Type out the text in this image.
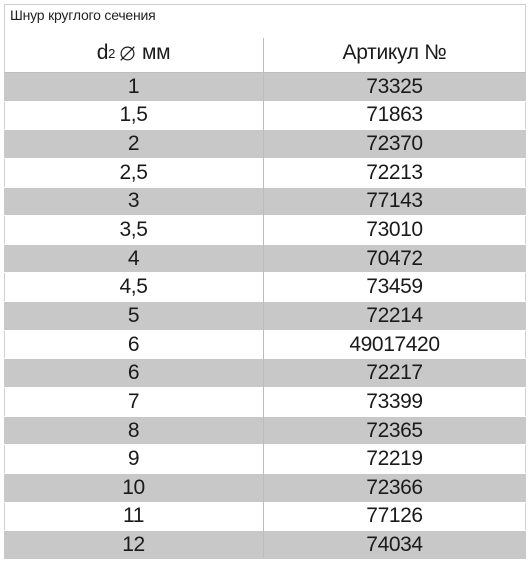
Шнур круглого сечения
d 2 мм	Артикул №
1	73325
1,5	71863
2	72370
2,5	72213
3	77143
3,5	73010
4	70472
4,5	73459
5	72214
6	49017420
6	72217
7	73399
8	72365
9	72219
10	72366
11	77126
12	74034
